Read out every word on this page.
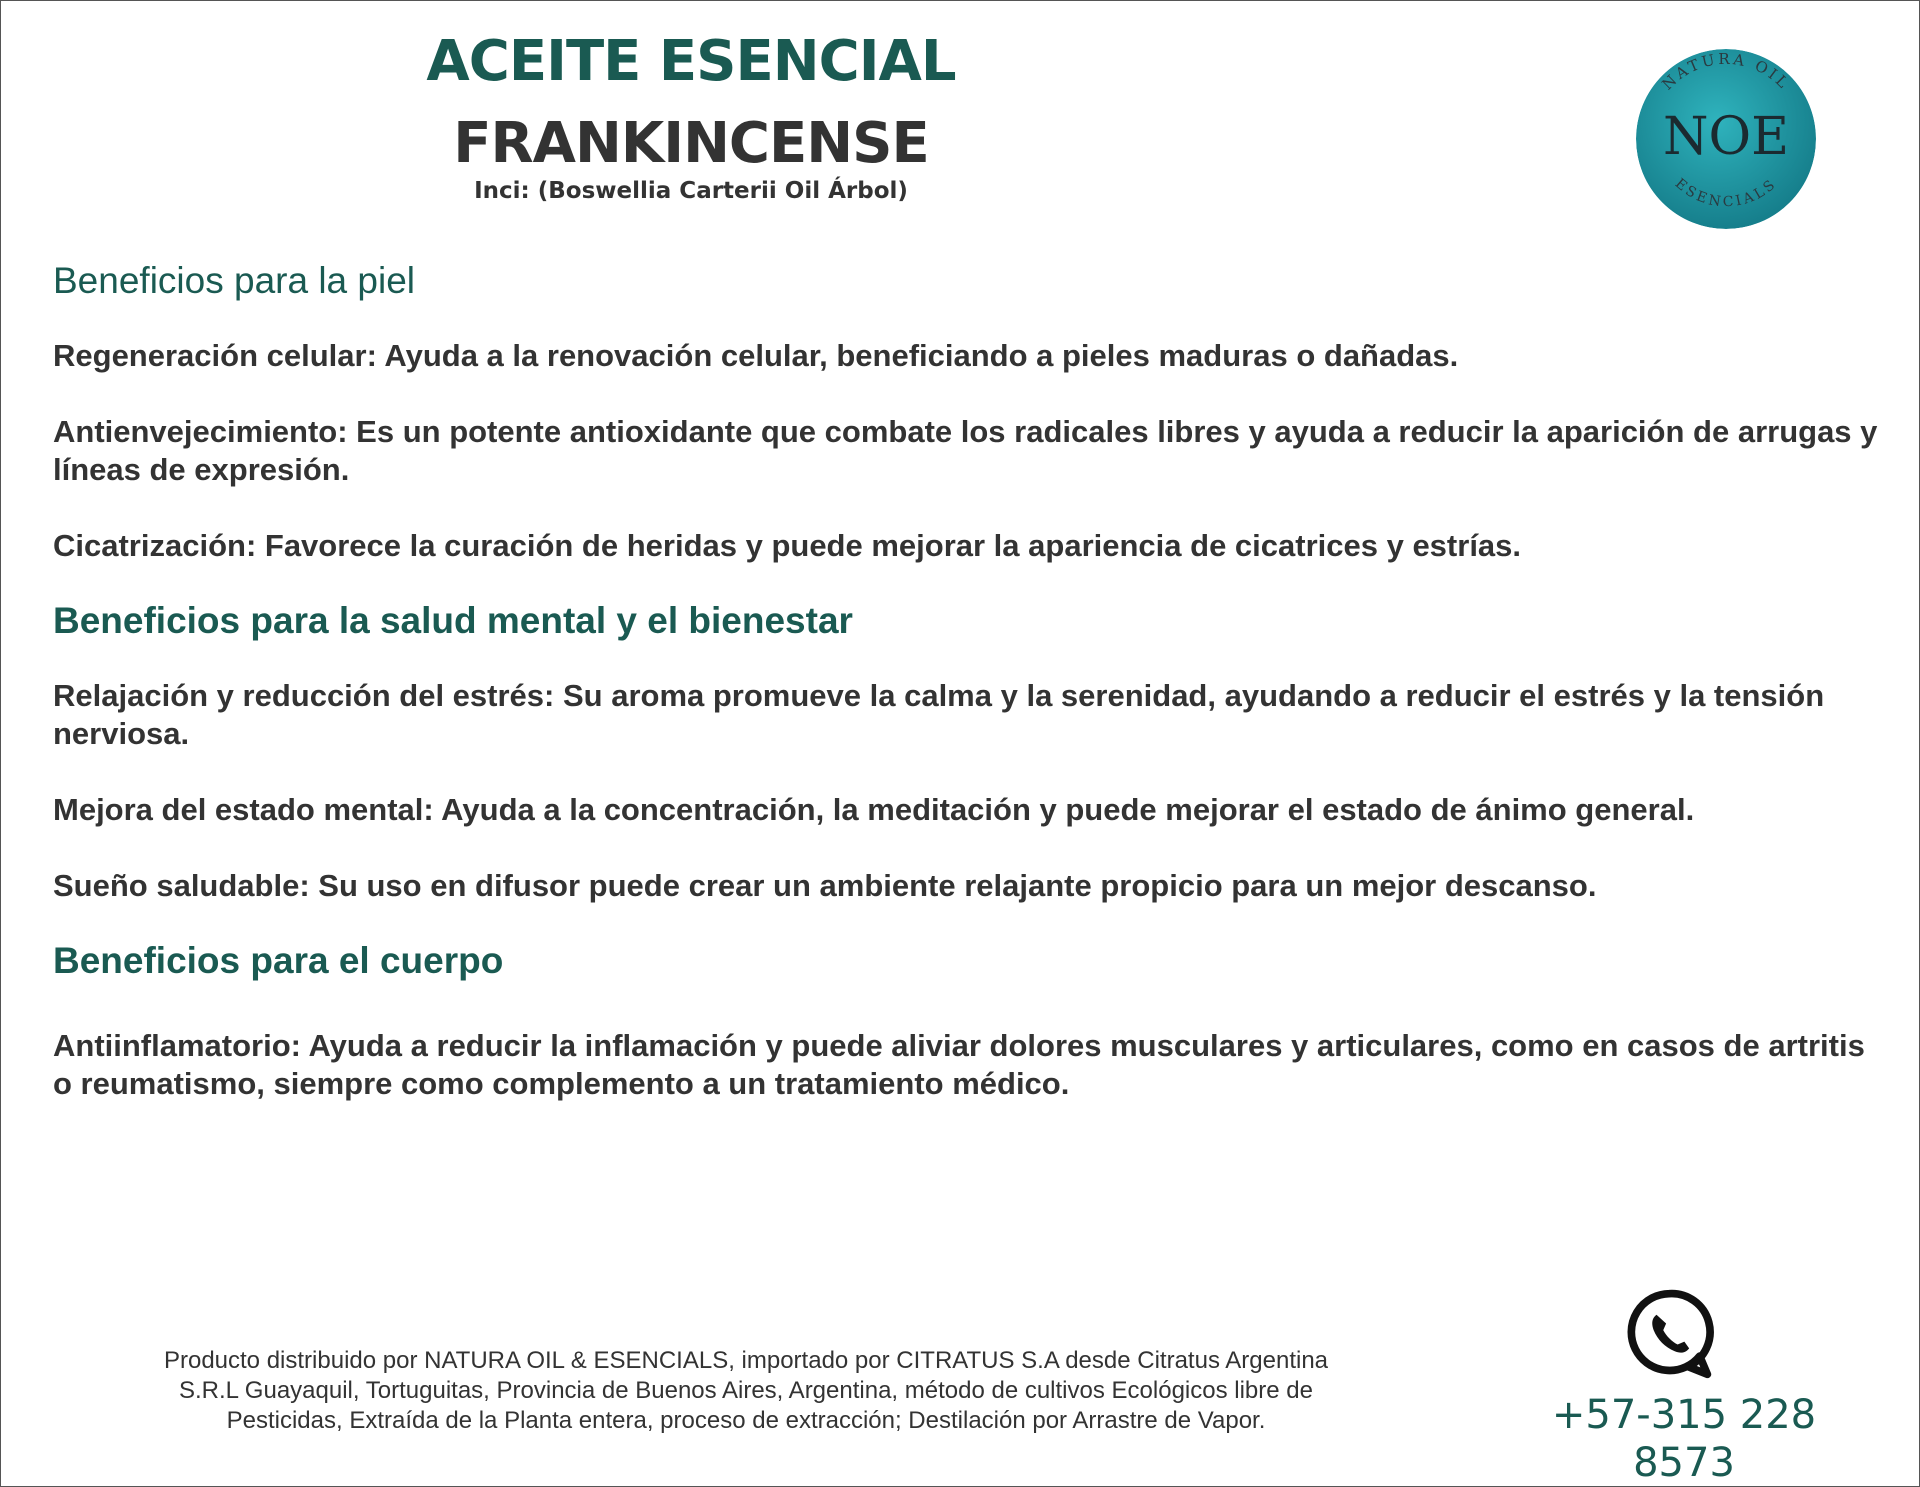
ACEITE ESENCIAL
FRANKINCENSE

Inci: (Boswellia Carterii Oil Árbol)

NATURA OIL
NOE
ESENCIALS
Beneficios para la piel

Regeneración celular: Ayuda a la renovación celular, beneficiando a pieles maduras o dañadas.

Antienvejecimiento: Es un potente antioxidante que combate los radicales libres y ayuda a reducir la aparición de arrugas y líneas de expresión.

Cicatrización: Favorece la curación de heridas y puede mejorar la apariencia de cicatrices y estrías.

Beneficios para la salud mental y el bienestar

Relajación y reducción del estrés: Su aroma promueve la calma y la serenidad, ayudando a reducir el estrés y la tensión nerviosa.

Mejora del estado mental: Ayuda a la concentración, la meditación y puede mejorar el estado de ánimo general.

Sueño saludable: Su uso en difusor puede crear un ambiente relajante propicio para un mejor descanso.

Beneficios para el cuerpo

Antiinflamatorio: Ayuda a reducir la inflamación y puede aliviar dolores musculares y articulares, como en casos de artritis o reumatismo, siempre como complemento a un tratamiento médico.

Producto distribuido por NATURA OIL & ESENCIALS, importado por CITRATUS S.A desde Citratus Argentina
S.R.L Guayaquil, Tortuguitas, Provincia de Buenos Aires, Argentina, método de cultivos Ecológicos libre de
Pesticidas, Extraída de la Planta entera, proceso de extracción; Destilación por Arrastre de Vapor.	+57-315 228 8573
